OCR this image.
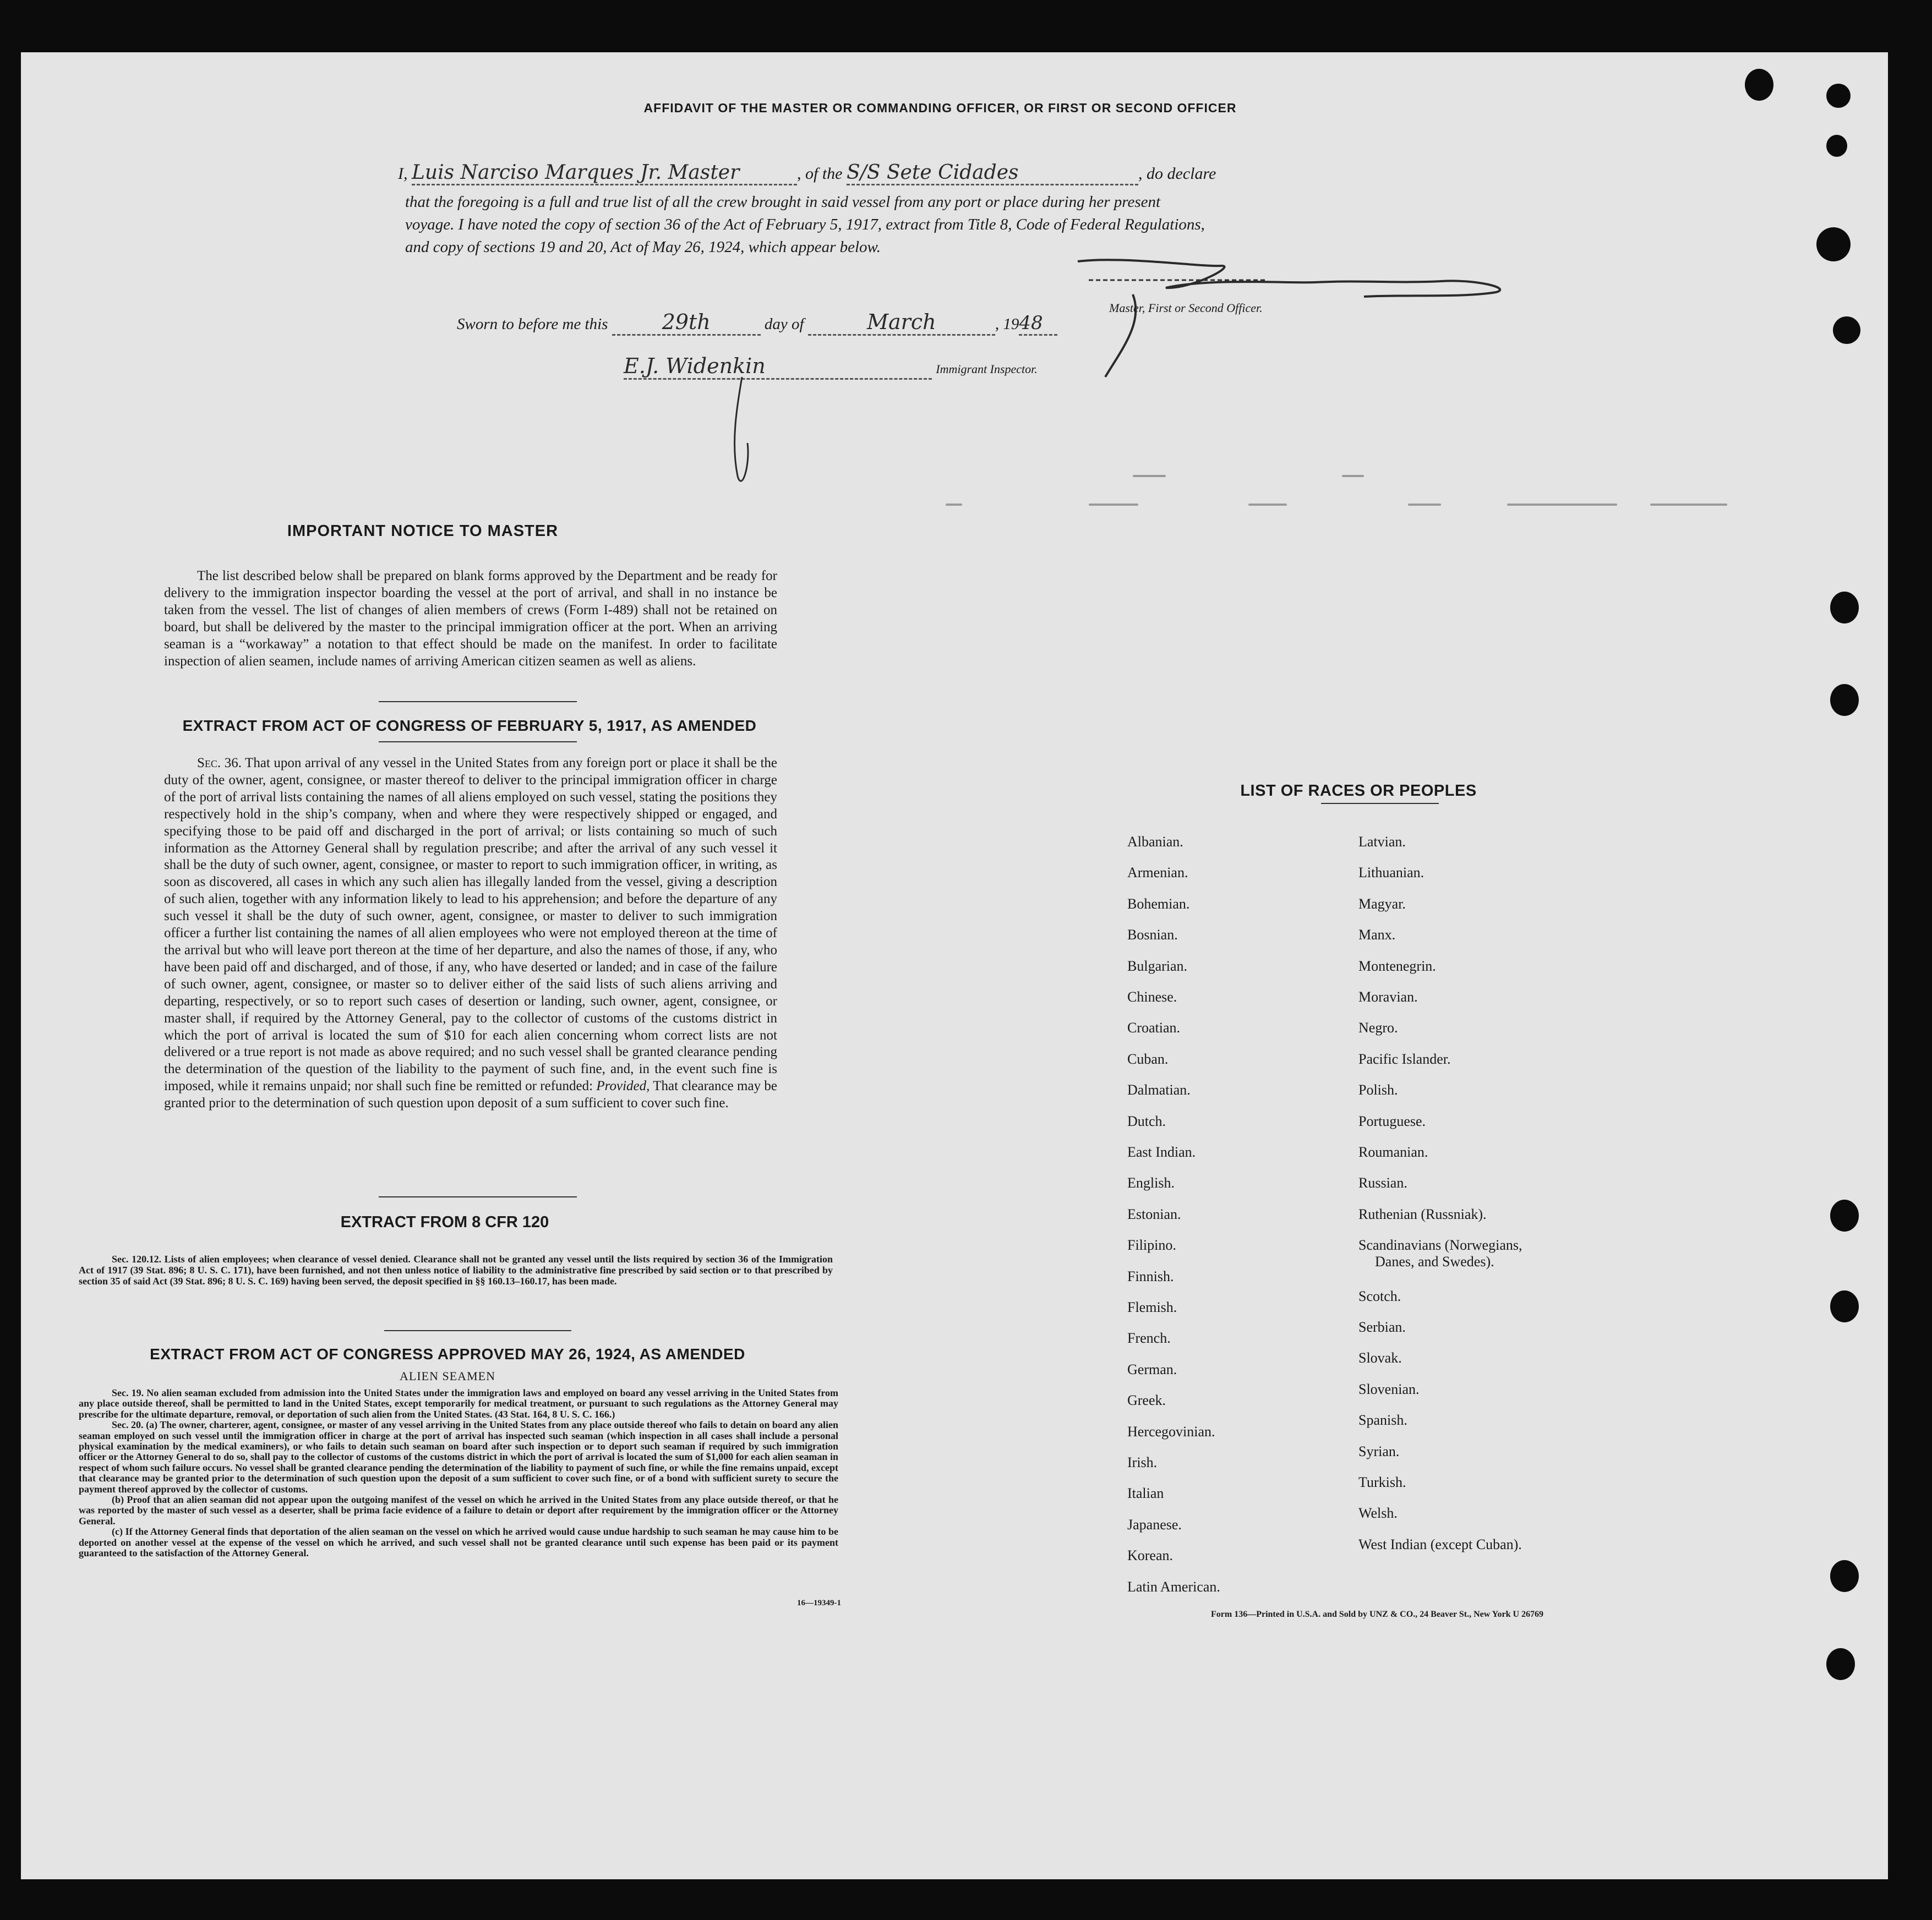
AFFIDAVIT OF THE MASTER OR COMMANDING OFFICER, OR FIRST OR SECOND OFFICER
I, Luis Narciso Marques Jr. Master	, of the S/S Sete Cidades	, do declare
that the foregoing is a full and true list of all the crew brought in said vessel from any port or place during her present
voyage. I have noted the copy of section 36 of the Act of February 5, 1917, extract from Title 8, Code of Federal Regulations,
and copy of sections 19 and 20, Act of May 26, 1924, which appear below.
Master, First or Second Officer.
Sworn to before me this	29th	day of	March	, 1948
E.J. Widenkin	Immigrant Inspector.
IMPORTANT NOTICE TO MASTER
The list described below shall be prepared on blank forms approved by the Department and be ready for delivery to the immigration inspector boarding the vessel at the port of arrival, and shall in no instance be taken from the vessel. The list of changes of alien members of crews (Form I-489) shall not be retained on board, but shall be delivered by the master to the principal immigration officer at the port. When an arriving seaman is a “workaway” a notation to that effect should be made on the manifest. In order to facilitate inspection of alien seamen, include names of arriving American citizen seamen as well as aliens.
EXTRACT FROM ACT OF CONGRESS OF FEBRUARY 5, 1917, AS AMENDED
Sec. 36. That upon arrival of any vessel in the United States from any foreign port or place it shall be the duty of the owner, agent, consignee, or master thereof to deliver to the principal immigration officer in charge of the port of arrival lists containing the names of all aliens employed on such vessel, stating the positions they respectively hold in the ship’s company, when and where they were respectively shipped or engaged, and specifying those to be paid off and discharged in the port of arrival; or lists containing so much of such information as the Attorney General shall by regulation prescribe; and after the arrival of any such vessel it shall be the duty of such owner, agent, consignee, or master to report to such immigration officer, in writing, as soon as discovered, all cases in which any such alien has illegally landed from the vessel, giving a description of such alien, together with any information likely to lead to his apprehension; and before the departure of any such vessel it shall be the duty of such owner, agent, consignee, or master to deliver to such immigration officer a further list containing the names of all alien employees who were not employed thereon at the time of the arrival but who will leave port thereon at the time of her departure, and also the names of those, if any, who have been paid off and discharged, and of those, if any, who have deserted or landed; and in case of the failure of such owner, agent, consignee, or master so to deliver either of the said lists of such aliens arriving and departing, respectively, or so to report such cases of desertion or landing, such owner, agent, consignee, or master shall, if required by the Attorney General, pay to the collector of customs of the customs district in which the port of arrival is located the sum of $10 for each alien concerning whom correct lists are not delivered or a true report is not made as above required; and no such vessel shall be granted clearance pending the determination of the question of the liability to the payment of such fine, and, in the event such fine is imposed, while it remains unpaid; nor shall such fine be remitted or refunded: Provided, That clearance may be granted prior to the determination of such question upon deposit of a sum sufficient to cover such fine.
EXTRACT FROM 8 CFR 120
Sec. 120.12. Lists of alien employees; when clearance of vessel denied. Clearance shall not be granted any vessel until the lists required by section 36 of the Immigration Act of 1917 (39 Stat. 896; 8 U. S. C. 171), have been furnished, and not then unless notice of liability to the administrative fine prescribed by said section or to that prescribed by section 35 of said Act (39 Stat. 896; 8 U. S. C. 169) having been served, the deposit specified in §§ 160.13–160.17, has been made.
EXTRACT FROM ACT OF CONGRESS APPROVED MAY 26, 1924, AS AMENDED
ALIEN SEAMEN
Sec. 19. No alien seaman excluded from admission into the United States under the immigration laws and employed on board any vessel arriving in the United States from any place outside thereof, shall be permitted to land in the United States, except temporarily for medical treatment, or pursuant to such regulations as the Attorney General may prescribe for the ultimate departure, removal, or deportation of such alien from the United States. (43 Stat. 164, 8 U. S. C. 166.)
Sec. 20. (a) The owner, charterer, agent, consignee, or master of any vessel arriving in the United States from any place outside thereof who fails to detain on board any alien seaman employed on such vessel until the immigration officer in charge at the port of arrival has inspected such seaman (which inspection in all cases shall include a personal physical examination by the medical examiners), or who fails to detain such seaman on board after such inspection or to deport such seaman if required by such immigration officer or the Attorney General to do so, shall pay to the collector of customs of the customs district in which the port of arrival is located the sum of $1,000 for each alien seaman in respect of whom such failure occurs. No vessel shall be granted clearance pending the determination of the liability to payment of such fine, or while the fine remains unpaid, except that clearance may be granted prior to the determination of such question upon the deposit of a sum sufficient to cover such fine, or of a bond with sufficient surety to secure the payment thereof approved by the collector of customs.
(b) Proof that an alien seaman did not appear upon the outgoing manifest of the vessel on which he arrived in the United States from any place outside thereof, or that he was reported by the master of such vessel as a deserter, shall be prima facie evidence of a failure to detain or deport after requirement by the immigration officer or the Attorney General.
(c) If the Attorney General finds that deportation of the alien seaman on the vessel on which he arrived would cause undue hardship to such seaman he may cause him to be deported on another vessel at the expense of the vessel on which he arrived, and such vessel shall not be granted clearance until such expense has been paid or its payment guaranteed to the satisfaction of the Attorney General.
16—19349-1
LIST OF RACES OR PEOPLES
Albanian.
Armenian.
Bohemian.
Bosnian.
Bulgarian.
Chinese.
Croatian.
Cuban.
Dalmatian.
Dutch.
East Indian.
English.
Estonian.
Filipino.
Finnish.
Flemish.
French.
German.
Greek.
Hercegovinian.
Irish.
Italian
Japanese.
Korean.
Latin American.
Latvian.
Lithuanian.
Magyar.
Manx.
Montenegrin.
Moravian.
Negro.
Pacific Islander.
Polish.
Portuguese.
Roumanian.
Russian.
Ruthenian (Russniak).
Scandinavians (Norwegians,
Danes, and Swedes).
Scotch.
Serbian.
Slovak.
Slovenian.
Spanish.
Syrian.
Turkish.
Welsh.
West Indian (except Cuban).
Form 136—Printed in U.S.A. and Sold by UNZ & CO., 24 Beaver St., New York U 26769
